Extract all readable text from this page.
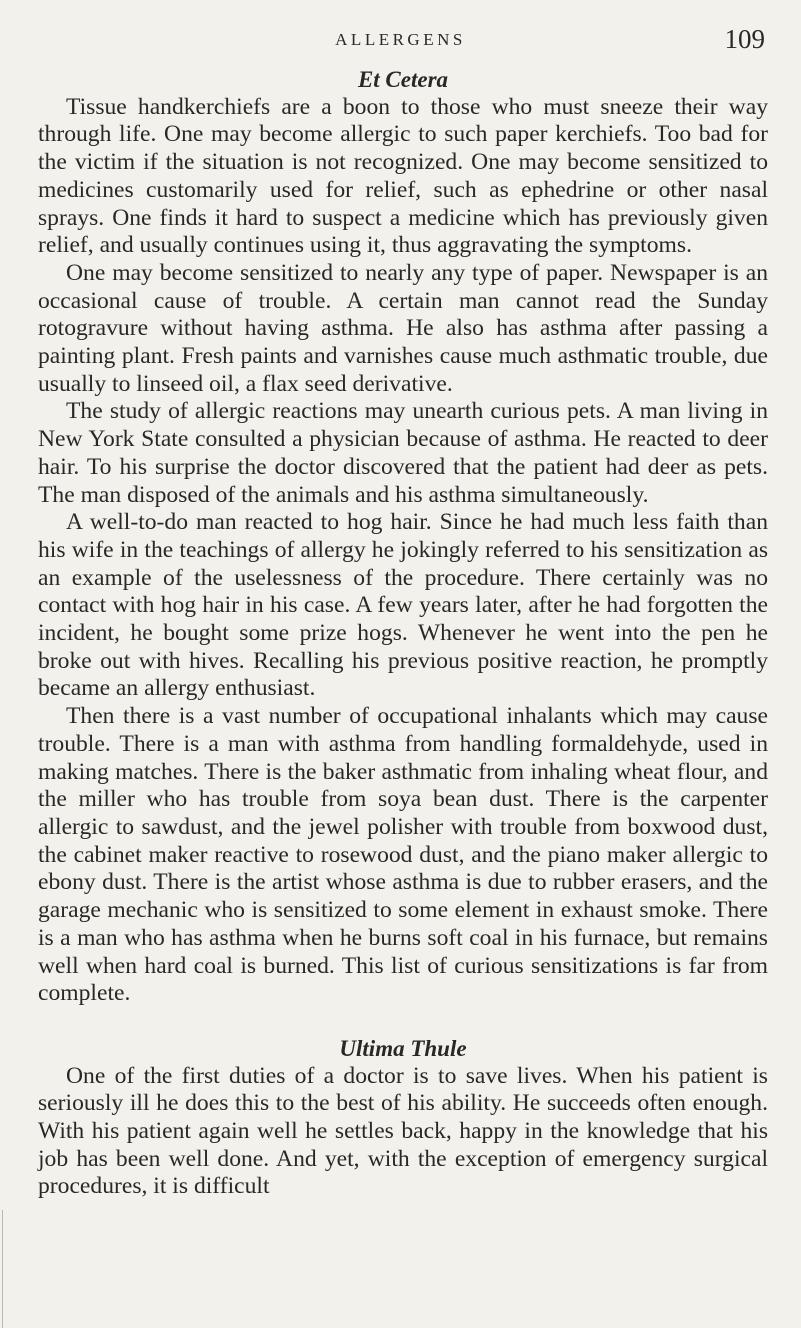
ALLERGENS	109
Et Cetera

Tissue handkerchiefs are a boon to those who must sneeze their way through life. One may become allergic to such paper kerchiefs. Too bad for the victim if the situation is not recognized. One may become sensitized to medicines customarily used for relief, such as ephedrine or other nasal sprays. One finds it hard to suspect a medicine which has previously given relief, and usually continues using it, thus aggravating the symptoms.

One may become sensitized to nearly any type of paper. Newspaper is an occasional cause of trouble. A certain man cannot read the Sunday rotogravure without having asthma. He also has asthma after passing a painting plant. Fresh paints and varnishes cause much asthmatic trouble, due usually to linseed oil, a flax seed derivative.

The study of allergic reactions may unearth curious pets. A man living in New York State consulted a physician because of asthma. He reacted to deer hair. To his surprise the doctor discovered that the patient had deer as pets. The man disposed of the animals and his asthma simultaneously.

A well-to-do man reacted to hog hair. Since he had much less faith than his wife in the teachings of allergy he jokingly referred to his sensitization as an example of the uselessness of the procedure. There certainly was no contact with hog hair in his case. A few years later, after he had forgotten the incident, he bought some prize hogs. Whenever he went into the pen he broke out with hives. Recalling his previous positive reaction, he promptly became an allergy enthusiast.

Then there is a vast number of occupational inhalants which may cause trouble. There is a man with asthma from handling formaldehyde, used in making matches. There is the baker asthmatic from inhaling wheat flour, and the miller who has trouble from soya bean dust. There is the carpenter allergic to sawdust, and the jewel polisher with trouble from boxwood dust, the cabinet maker reactive to rosewood dust, and the piano maker allergic to ebony dust. There is the artist whose asthma is due to rubber erasers, and the garage mechanic who is sensitized to some element in exhaust smoke. There is a man who has asthma when he burns soft coal in his furnace, but remains well when hard coal is burned. This list of curious sensitizations is far from complete.

Ultima Thule

One of the first duties of a doctor is to save lives. When his patient is seriously ill he does this to the best of his ability. He succeeds often enough. With his patient again well he settles back, happy in the knowledge that his job has been well done. And yet, with the exception of emergency surgical procedures, it is difficult
